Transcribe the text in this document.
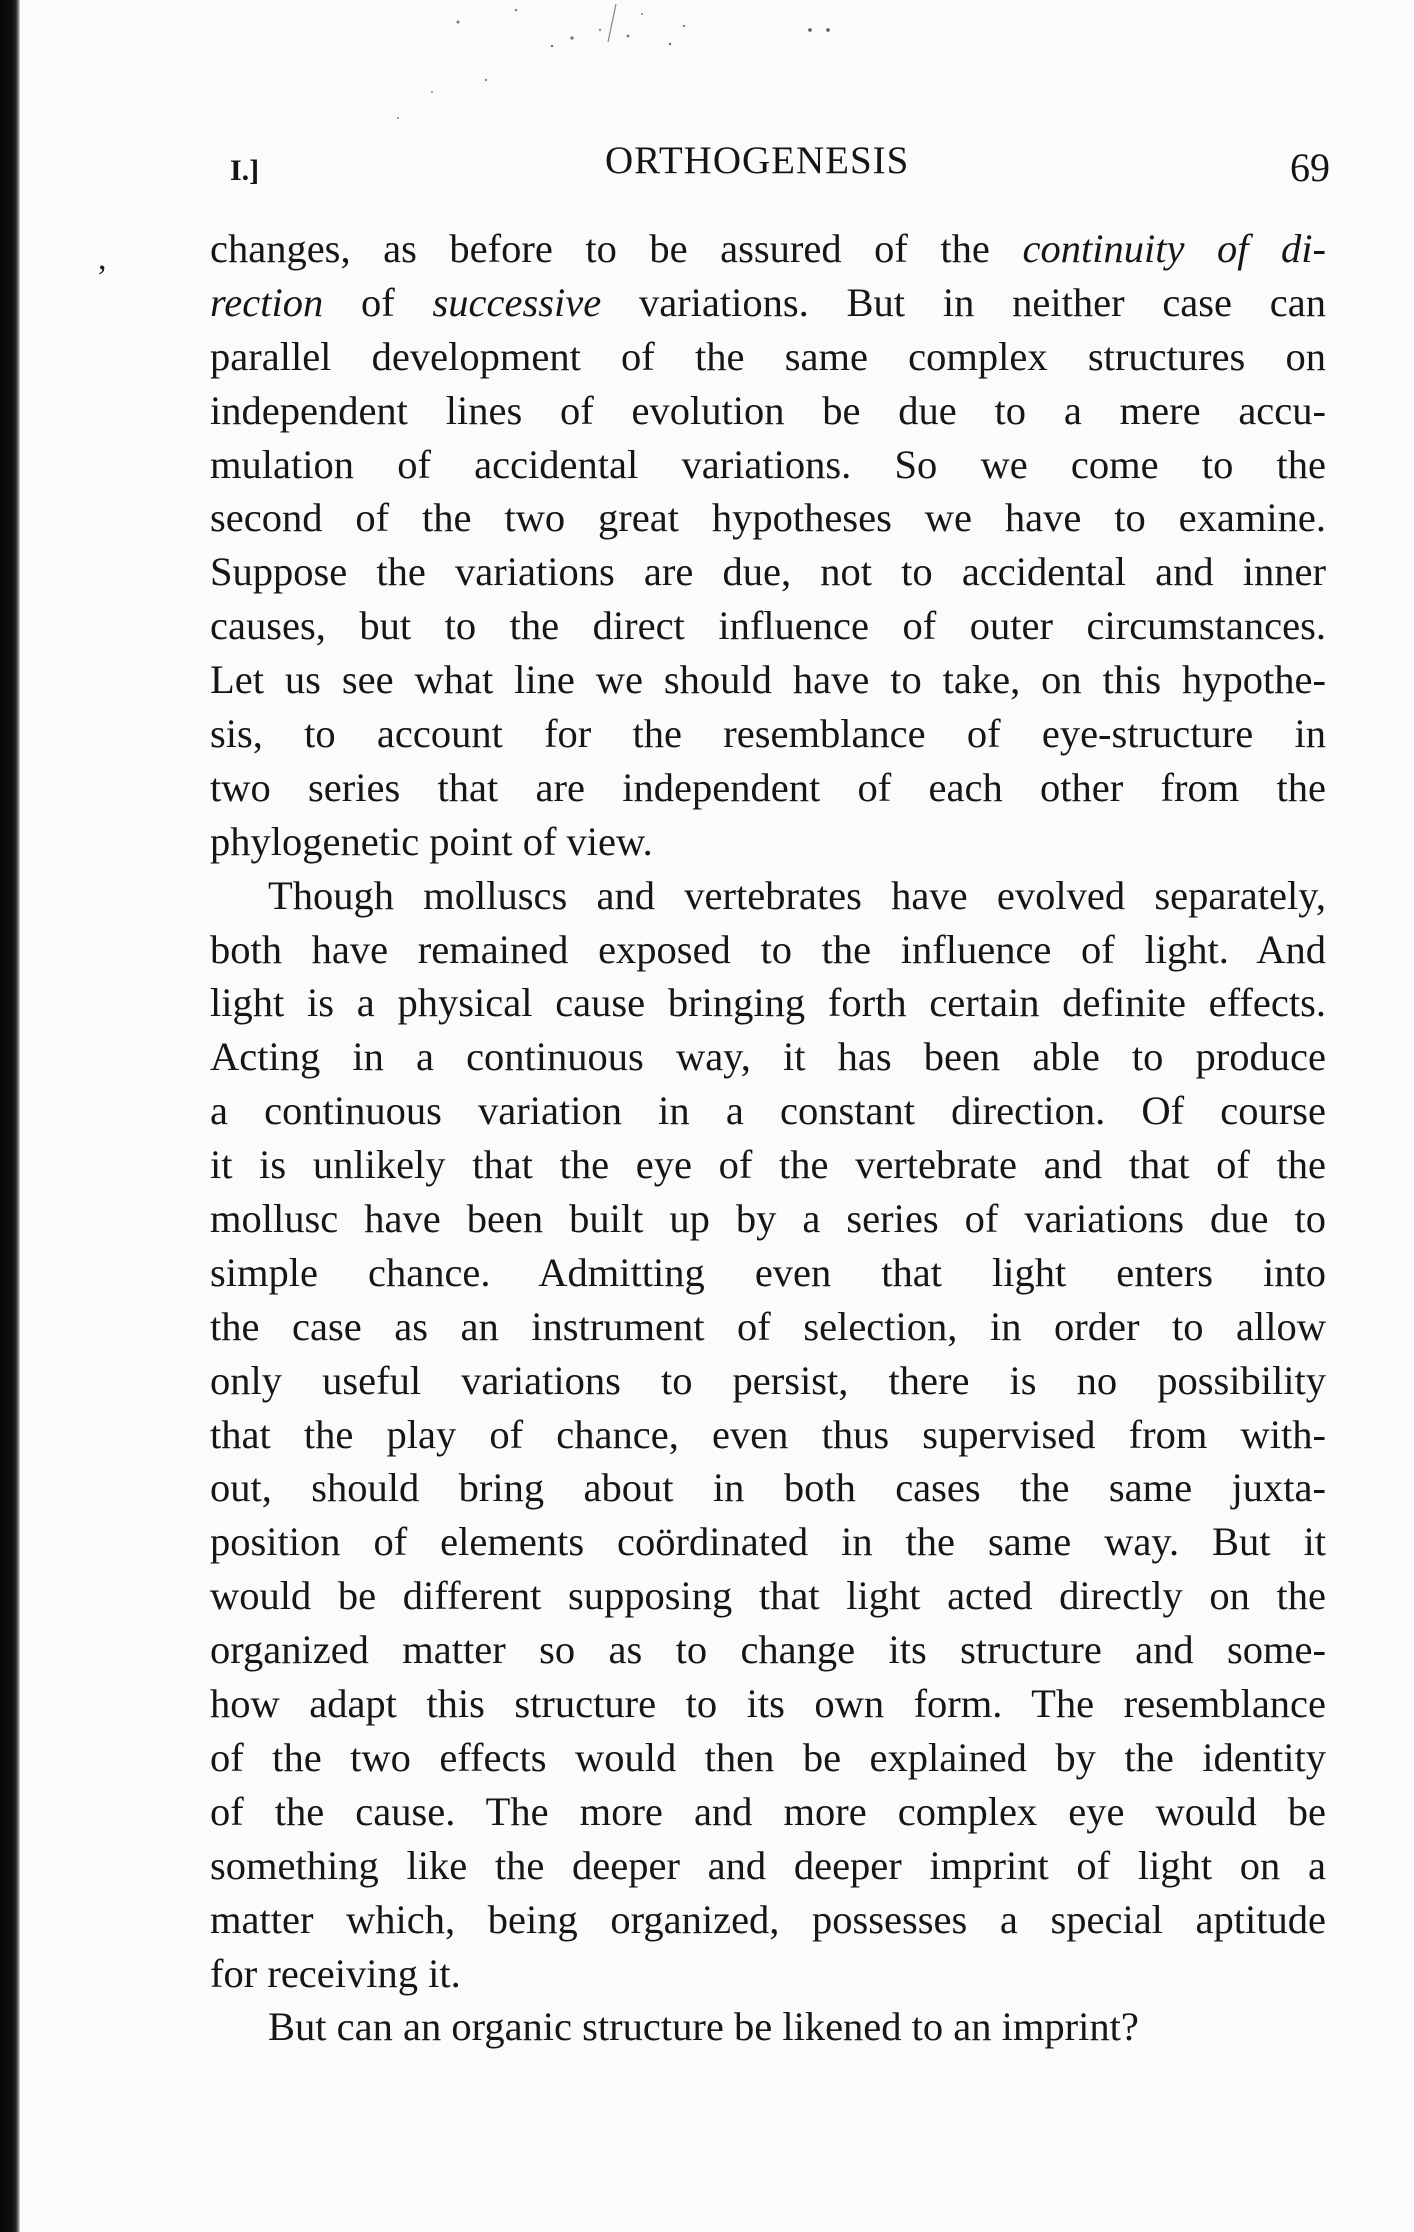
,
I.]	ORTHOGENESIS	69
changes, as before to be assured of the continuity of di-
rection of successive variations. But in neither case can
parallel development of the same complex structures on
independent lines of evolution be due to a mere accu-
mulation of accidental variations. So we come to the
second of the two great hypotheses we have to examine.
Suppose the variations are due, not to accidental and inner
causes, but to the direct influence of outer circumstances.
Let us see what line we should have to take, on this hypothe-
sis, to account for the resemblance of eye-structure in
two series that are independent of each other from the
phylogenetic point of view.
Though molluscs and vertebrates have evolved separately,
both have remained exposed to the influence of light. And
light is a physical cause bringing forth certain definite effects.
Acting in a continuous way, it has been able to produce
a continuous variation in a constant direction. Of course
it is unlikely that the eye of the vertebrate and that of the
mollusc have been built up by a series of variations due to
simple chance. Admitting even that light enters into
the case as an instrument of selection, in order to allow
only useful variations to persist, there is no possibility
that the play of chance, even thus supervised from with-
out, should bring about in both cases the same juxta-
position of elements coördinated in the same way. But it
would be different supposing that light acted directly on the
organized matter so as to change its structure and some-
how adapt this structure to its own form. The resemblance
of the two effects would then be explained by the identity
of the cause. The more and more complex eye would be
something like the deeper and deeper imprint of light on a
matter which, being organized, possesses a special aptitude
for receiving it.
But can an organic structure be likened to an imprint?
